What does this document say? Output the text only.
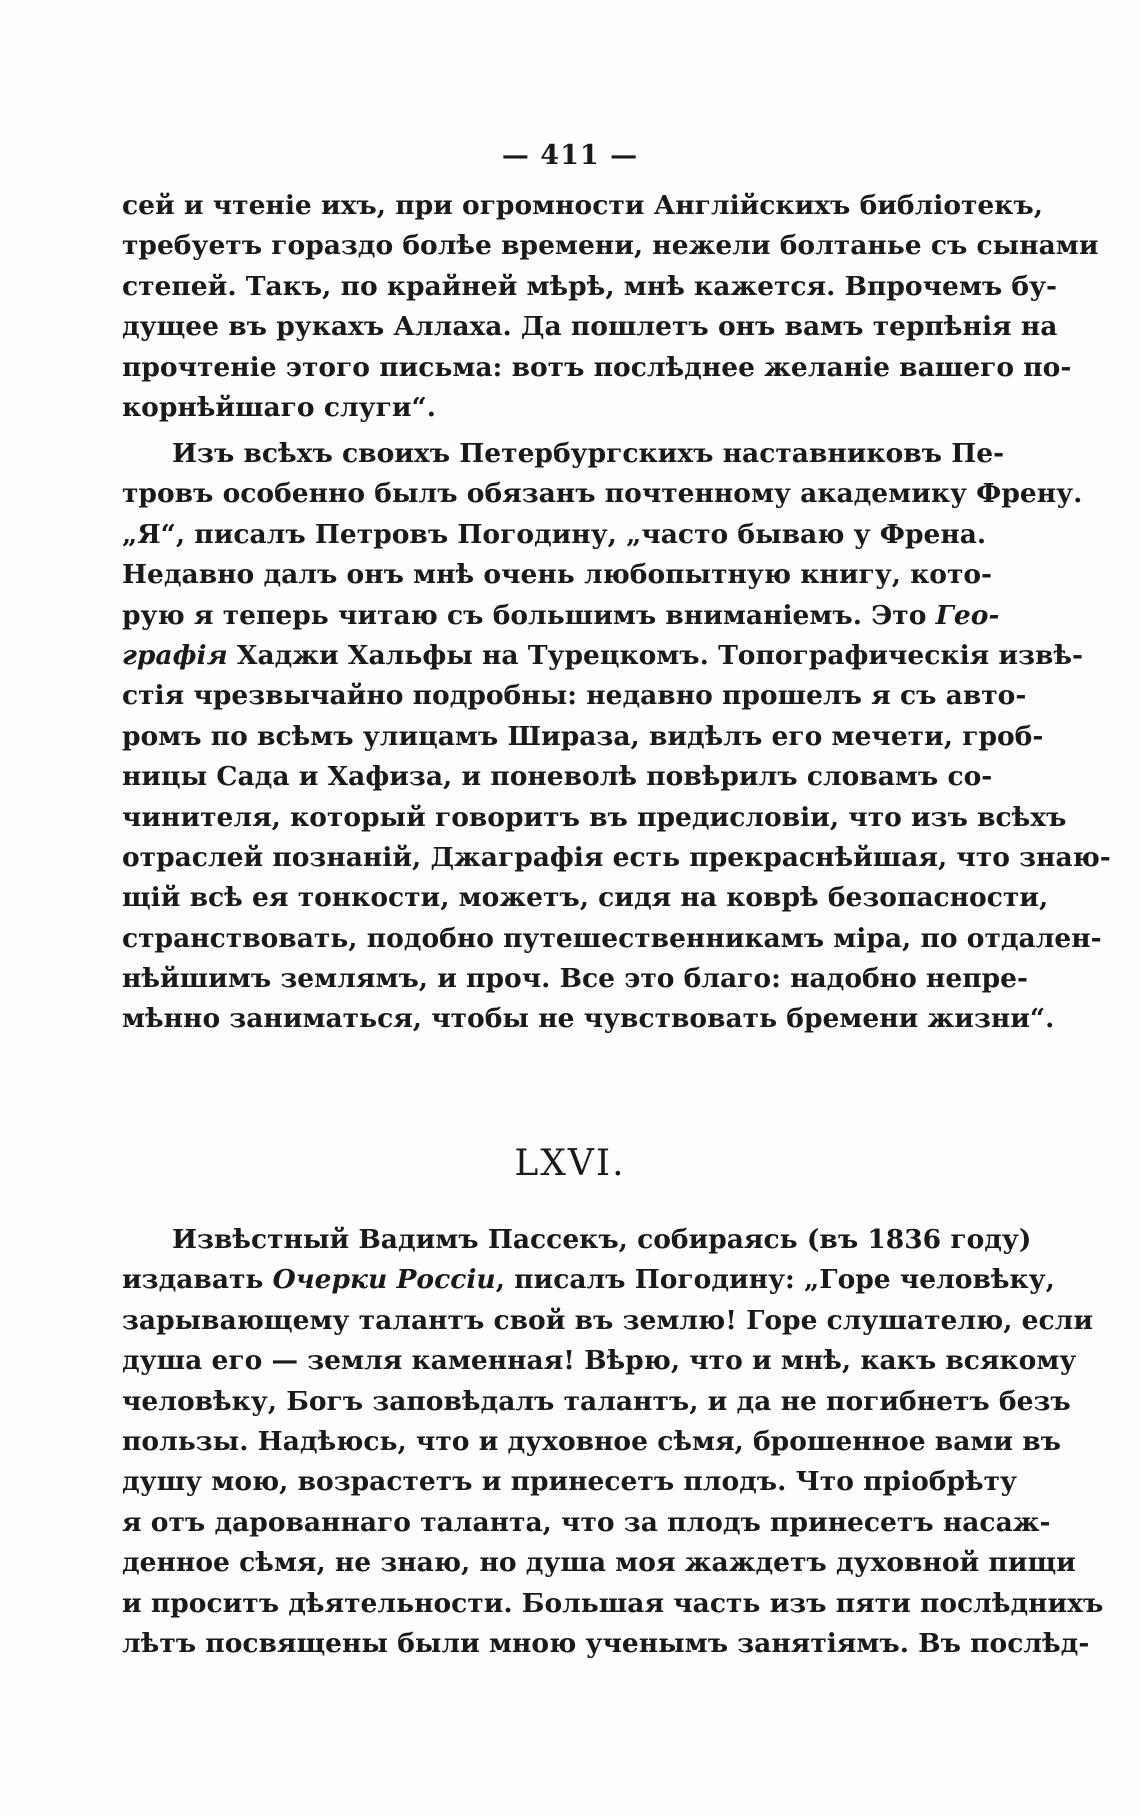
— 411 —
сей и чтеніе ихъ, при огромности Англійскихъ библіотекъ,
требуетъ гораздо болѣе времени, нежели болтанье съ сынами
степей. Такъ, по крайней мѣрѣ, мнѣ кажется. Впрочемъ бу-
дущее въ рукахъ Аллаха. Да пошлетъ онъ вамъ терпѣнія на
прочтеніе этого письма: вотъ послѣднее желаніе вашего по-
корнѣйшаго слуги“.
Изъ всѣхъ своихъ Петербургскихъ наставниковъ Пе-
тровъ особенно былъ обязанъ почтенному академику Френу.
„Я“, писалъ Петровъ Погодину, „часто бываю у Френа.
Недавно далъ онъ мнѣ очень любопытную книгу, кото-
рую я теперь читаю съ большимъ вниманіемъ. Это Гео-
графія Хаджи Хальфы на Турецкомъ. Топографическія извѣ-
стія чрезвычайно подробны: недавно прошелъ я съ авто-
ромъ по всѣмъ улицамъ Шираза, видѣлъ его мечети, гроб-
ницы Сада и Хафиза, и поневолѣ повѣрилъ словамъ со-
чинителя, который говоритъ въ предисловіи, что изъ всѣхъ
отраслей познаній, Джаграфія есть прекраснѣйшая, что знаю-
щій всѣ ея тонкости, можетъ, сидя на коврѣ безопасности,
странствовать, подобно путешественникамъ міра, по отдален-
нѣйшимъ землямъ, и проч. Все это благо: надобно непре-
мѣнно заниматься, чтобы не чувствовать бремени жизни“.
LXVI.
Извѣстный Вадимъ Пассекъ, собираясь (въ 1836 году)
издавать Очерки Россіи, писалъ Погодину: „Горе человѣку,
зарывающему талантъ свой въ землю! Горе слушателю, если
душа его — земля каменная! Вѣрю, что и мнѣ, какъ всякому
человѣку, Богъ заповѣдалъ талантъ, и да не погибнетъ безъ
пользы. Надѣюсь, что и духовное сѣмя, брошенное вами въ
душу мою, возрастетъ и принесетъ плодъ. Что пріобрѣту
я отъ дарованнаго таланта, что за плодъ принесетъ насаж-
денное сѣмя, не знаю, но душа моя жаждетъ духовной пищи
и проситъ дѣятельности. Большая часть изъ пяти послѣднихъ
лѣтъ посвящены были мною ученымъ занятіямъ. Въ послѣд-
